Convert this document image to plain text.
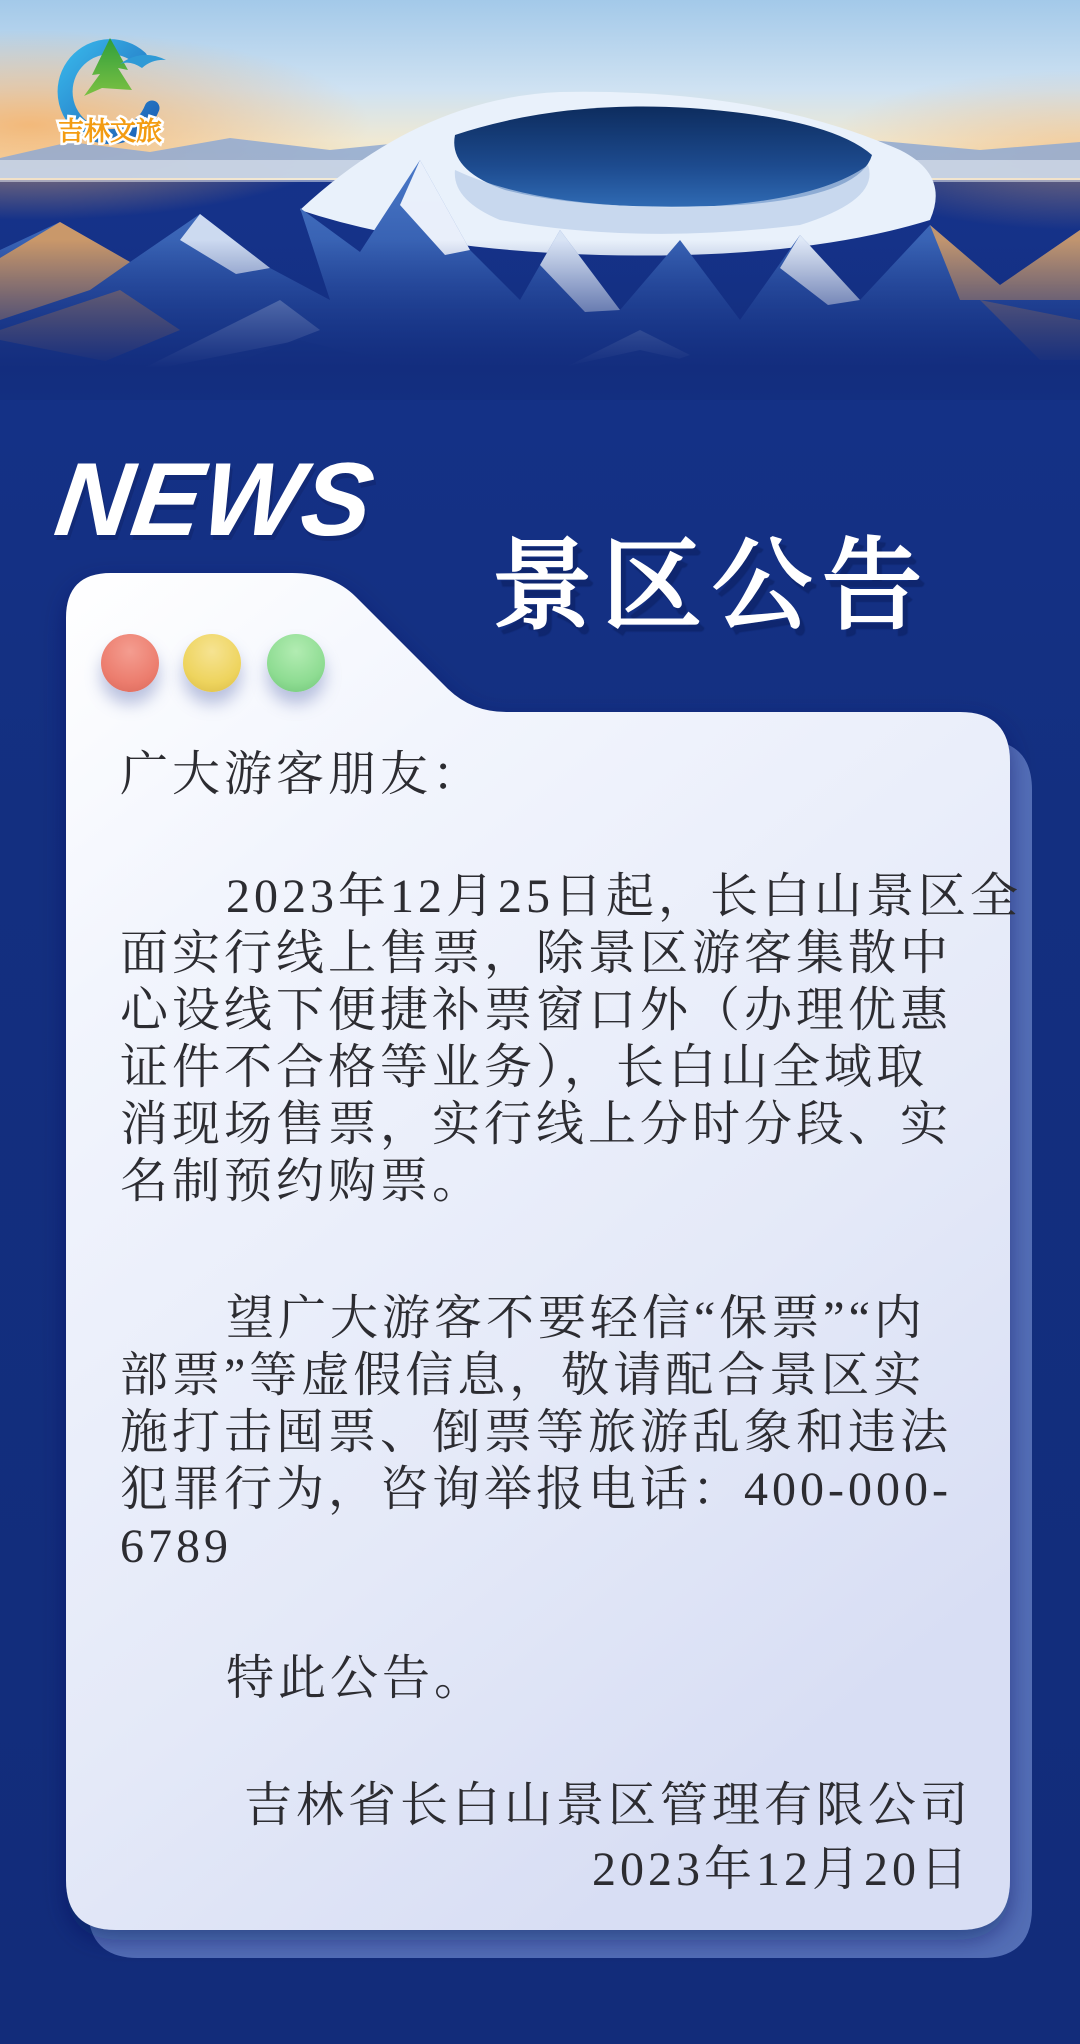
吉林文旅
NEWS
景区公告
广大游客朋友：
2023年12月25日起，长白山景区全
面实行线上售票，除景区游客集散中
心设线下便捷补票窗口外（办理优惠
证件不合格等业务），长白山全域取
消现场售票，实行线上分时分段、实
名制预约购票。
望广大游客不要轻信“保票”“内
部票”等虚假信息，敬请配合景区实
施打击囤票、倒票等旅游乱象和违法
犯罪行为，咨询举报电话：400-000-
6789
特此公告。
吉林省长白山景区管理有限公司
2023年12月20日
